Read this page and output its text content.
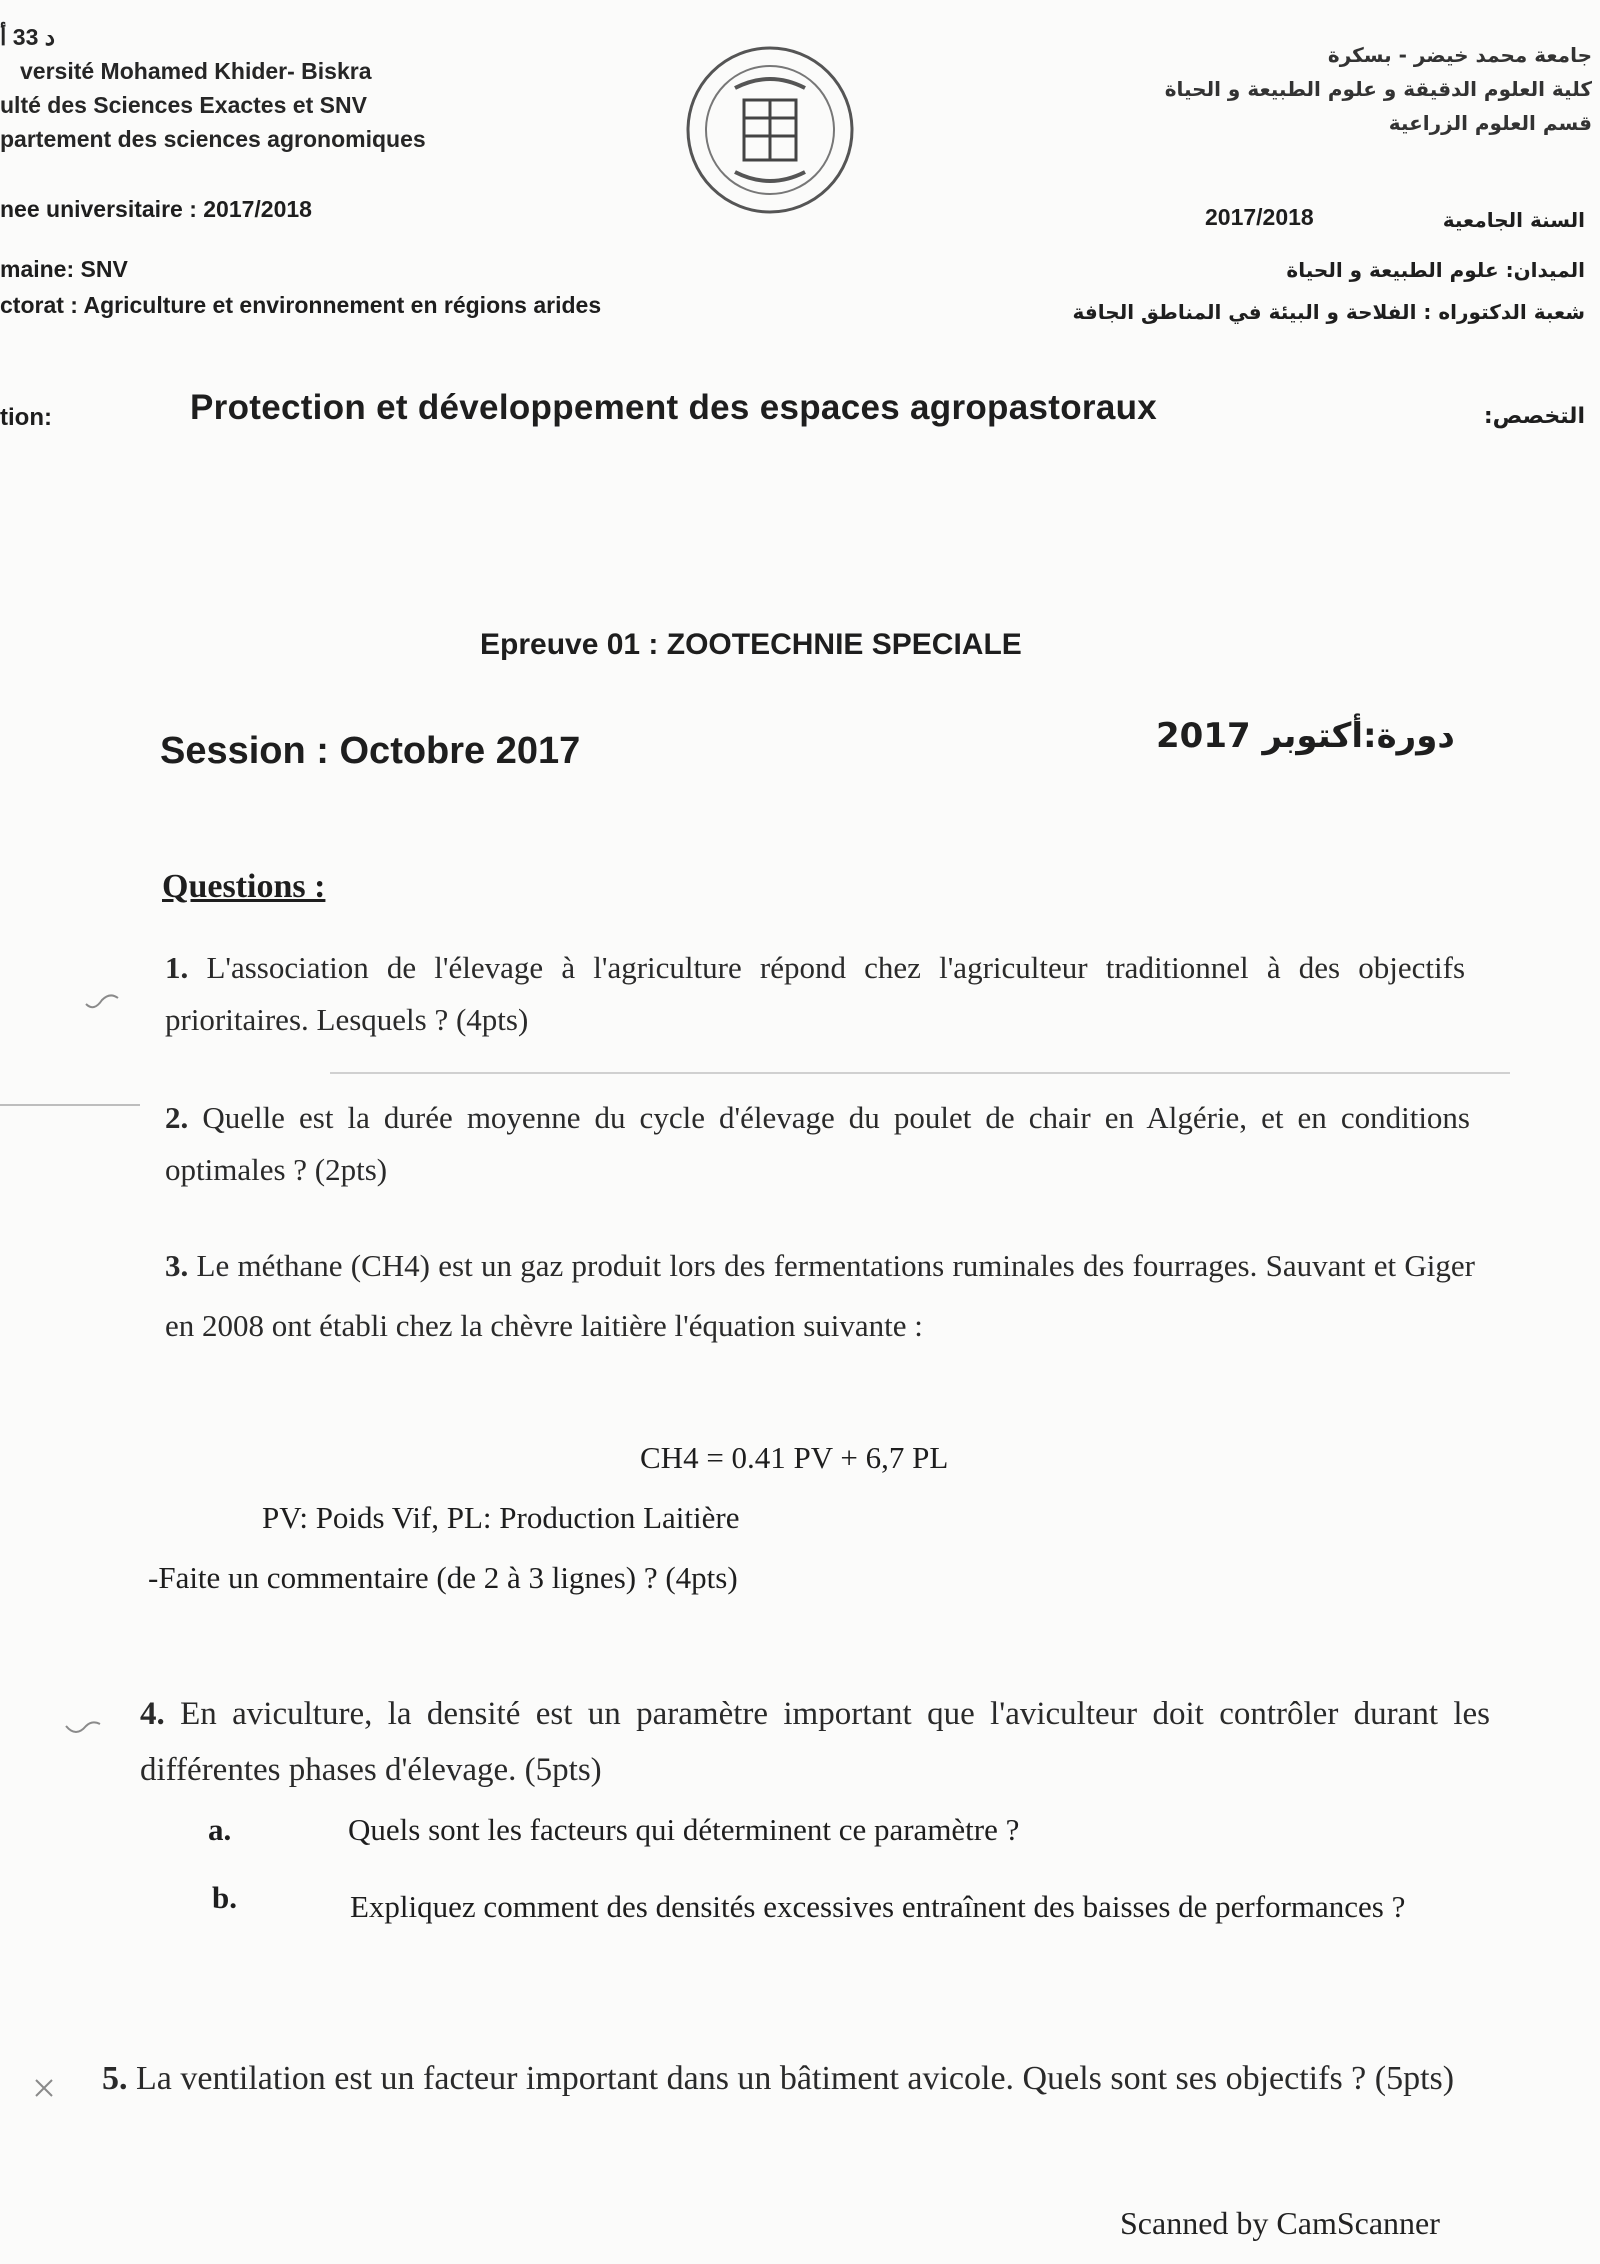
د 33 أ
versité Mohamed Khider- Biskra
ulté des Sciences Exactes et SNV
partement des sciences agronomiques
جامعة محمد خيضر - بسكرة
كلية العلوم الدقيقة و علوم الطبيعة و الحياة
قسم العلوم الزراعية
nee universitaire : 2017/2018	2017/2018	السنة الجامعية
maine: SNV	الميدان: علوم الطبيعة و الحياة
ctorat : Agriculture et environnement en régions arides	شعبة الدكتوراه : الفلاحة و البيئة في المناطق الجافة
tion:	Protection et développement des espaces agropastoraux	التخصص:
Epreuve 01 : ZOOTECHNIE SPECIALE
Session : Octobre 2017	دورة:أكتوبر 2017
Questions :
1. L'association de l'élevage à l'agriculture répond chez l'agriculteur traditionnel à des objectifs prioritaires. Lesquels ? (4pts)
2. Quelle est la durée moyenne du cycle d'élevage du poulet de chair en Algérie, et en conditions optimales ? (2pts)
3. Le méthane (CH4) est un gaz produit lors des fermentations ruminales des fourrages. Sauvant et Giger en 2008 ont établi chez la chèvre laitière l'équation suivante :
CH4 = 0.41 PV + 6,7 PL
PV: Poids Vif, PL: Production Laitière
-Faite un commentaire (de 2 à 3 lignes) ? (4pts)
4. En aviculture, la densité est un paramètre important que l'aviculteur doit contrôler durant les différentes phases d'élevage. (5pts)
a.	Quels sont les facteurs qui déterminent ce paramètre ?
b.	Expliquez comment des densités excessives entraînent des baisses de performances ?
5. La ventilation est un facteur important dans un bâtiment avicole. Quels sont ses objectifs ? (5pts)
Scanned by CamScanner
